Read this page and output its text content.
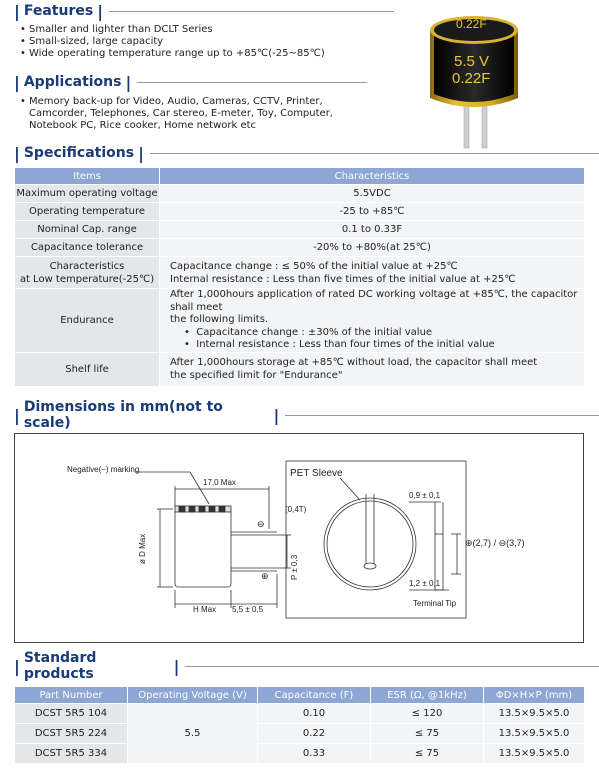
| Features |
• Smaller and lighter than DCLT Series
• Small-sized, large capacity
• Wide operating temperature range up to +85℃(-25~85℃)
0.22F
5.5 V
0.22F
| Applications |
• Memory back-up for Video, Audio, Cameras, CCTV, Printer,
Camcorder, Telephones, Car stereo, E-meter, Toy, Computer,
Notebook PC, Rice cooker, Home network etc
| Specifications |
Items	Characteristics
Maximum operating voltage	5.5VDC
Operating temperature	-25 to +85℃
Nominal Cap. range	0.1 to 0.33F
Capacitance tolerance	-20% to +80%(at 25℃)
Characteristics
at Low temperature(-25℃)	Capacitance change : ≤ 50% of the initial value at +25℃
Internal resistance : Less than five times of the initial value at +25℃
Endurance	After 1,000hours application of rated DC working voltage at +85℃, the capacitor shall meet
the following limits.
•  Capacitance change : ±30% of the initial value
•  Internal resistance : Less than four times of the initial value
Shelf life	After 1,000hours storage at +85℃ without load, the capacitor shall meet
the specified limit for "Endurance"
| Dimensions in mm(not to scale)	|
Negative(−) marking
17,0 Max
ø D Max
(0,4T)
⊖
⊕	P ± 0,3
H Max 5,5 ± 0,5
PET Sleeve
0,9 ± 0,1
1,2 ± 0,1
Terminal Tip
⊕(2,7) / ⊖(3,7)
| Standard products	|
Part Number	Operating Voltage (V)	Capacitance (F)	ESR (Ω, @1kHz)	ΦD×H×P (mm)
DCST 5R5 104	5.5	0.10	≤ 120	13.5×9.5×5.0
DCST 5R5 224		0.22	≤ 75	13.5×9.5×5.0
DCST 5R5 334		0.33	≤ 75	13.5×9.5×5.0
